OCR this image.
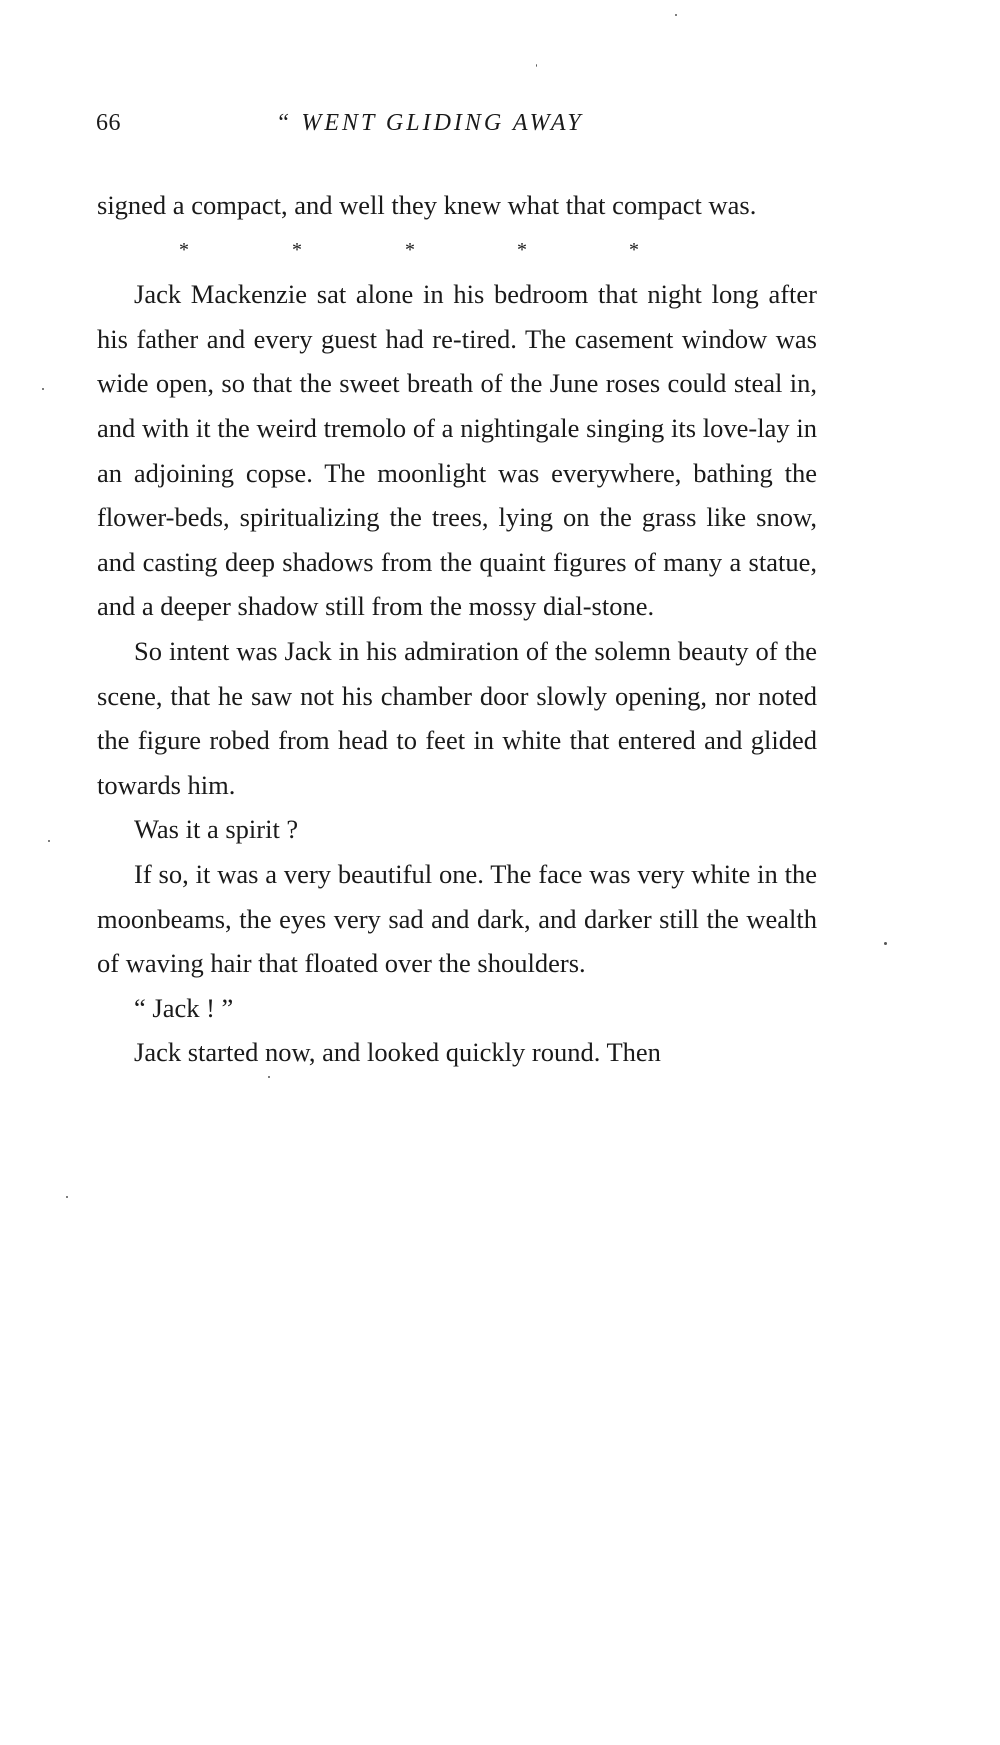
66	“ WENT GLIDING AWAY

signed a compact, and well they knew what that compact was.

*	*	*	*	*

Jack Mackenzie sat alone in his bedroom that night long after his father and every guest had re-tired. The casement window was wide open, so that the sweet breath of the June roses could steal in, and with it the weird tremolo of a nightingale singing its love-lay in an adjoining copse. The moonlight was everywhere, bathing the flower-beds, spiritualizing the trees, lying on the grass like snow, and casting deep shadows from the quaint figures of many a statue, and a deeper shadow still from the mossy dial-stone.

So intent was Jack in his admiration of the solemn beauty of the scene, that he saw not his chamber door slowly opening, nor noted the figure robed from head to feet in white that entered and glided towards him.

Was it a spirit ?

If so, it was a very beautiful one. The face was very white in the moonbeams, the eyes very sad and dark, and darker still the wealth of waving hair that floated over the shoulders.

“ Jack ! ”

Jack started now, and looked quickly round. Then
